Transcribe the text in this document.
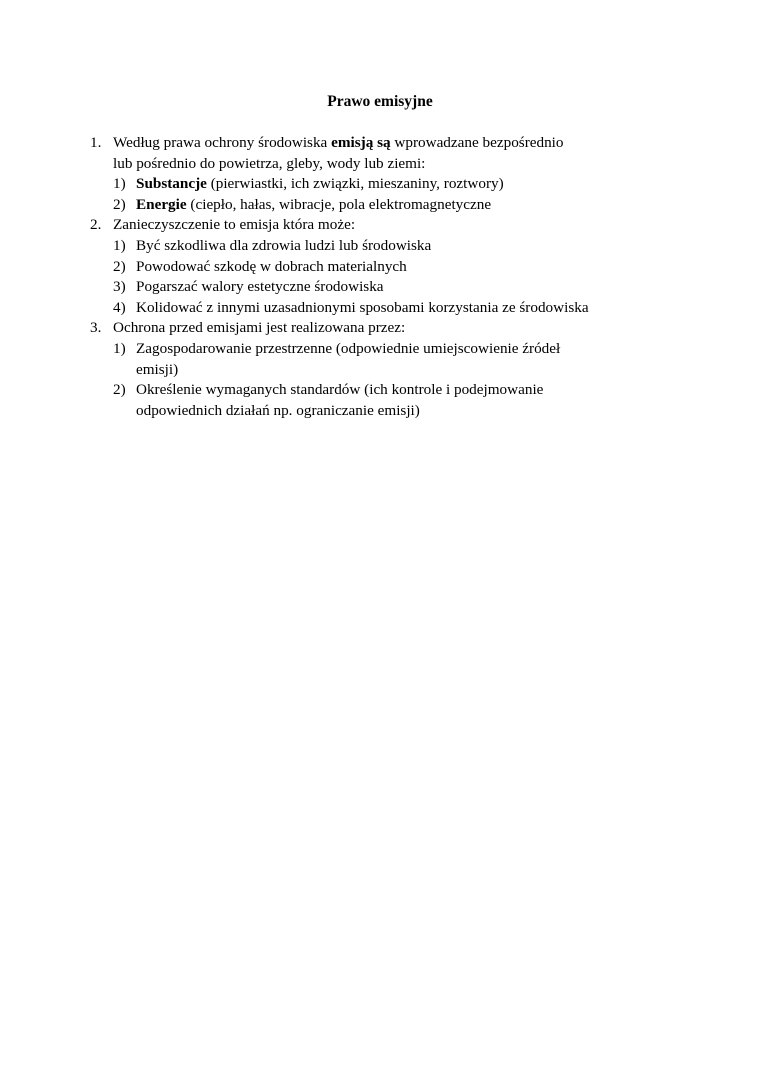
Prawo emisyjne
1. Według prawa ochrony środowiska emisją są wprowadzane bezpośrednio
lub pośrednio do powietrza, gleby, wody lub ziemi:
1) Substancje (pierwiastki, ich związki, mieszaniny, roztwory)
2) Energie (ciepło, hałas, wibracje, pola elektromagnetyczne
2. Zanieczyszczenie to emisja która może:
1) Być szkodliwa dla zdrowia ludzi lub środowiska
2) Powodować szkodę w dobrach materialnych
3) Pogarszać walory estetyczne środowiska
4) Kolidować z innymi uzasadnionymi sposobami korzystania ze środowiska
3. Ochrona przed emisjami jest realizowana przez:
1) Zagospodarowanie przestrzenne (odpowiednie umiejscowienie źródeł
emisji)
2) Określenie wymaganych standardów (ich kontrole i podejmowanie
odpowiednich działań np. ograniczanie emisji)
